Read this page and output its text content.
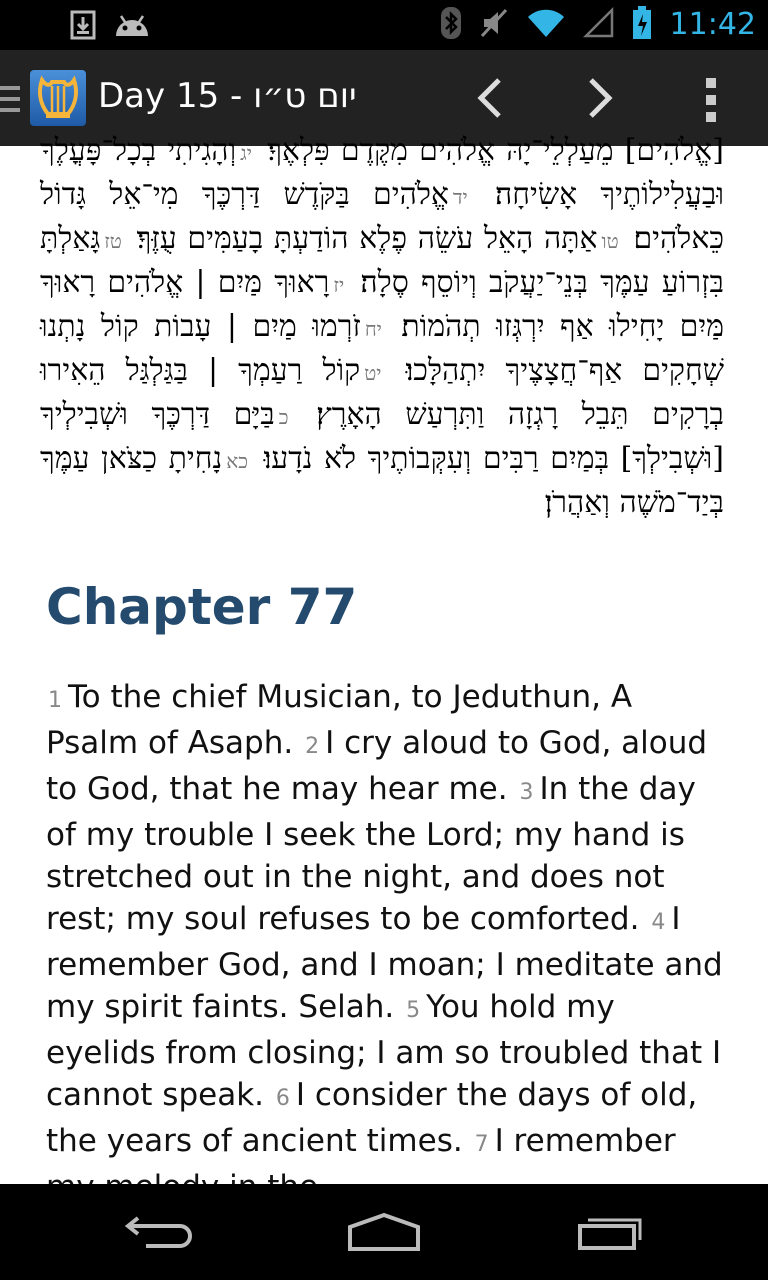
11:42
Day 15 - יום ט״ו
[אֱלֹהִים] מֵעַלְלֵי־יָהּ אֱלֹהִים מִקֶּדֶם פִּלְאֶךָ׃ יגוְהָגִיתִי בְכָל־פָּעֳלֶךָ וּבַעֲלִילוֹתֶיךָ אָשִׂיחָה׃ ידאֱלֹהִים בַּקֹּדֶשׁ דַּרְכֶּךָ מִי־אֵל גָּדוֹל כֵּאלֹהִים׃ טואַתָּה הָאֵל עֹשֵׂה פֶלֶא הוֹדַעְתָּ בָעַמִּים עֻזֶּךָ׃ טזגָּאַלְתָּ בִּזְרוֹעַ עַמֶּךָ בְּנֵי־יַעֲקֹב וְיוֹסֵף סֶלָה׃ יזרָאוּךָ מַּיִם | אֱלֹהִים רָאוּךָ מַּיִם יָחִילוּ אַף יִרְגְּזוּ תְהֹמוֹת׃ יחזֹרְמוּ מַיִם | עָבוֹת קוֹל נָתְנוּ שְׁחָקִים אַף־חֲצָצֶיךָ יִתְהַלָּכוּ׃ יטקוֹל רַעַמְךָ | בַּגַּלְגַּל הֵאִירוּ בְרָקִים תֵּבֵל רָגְזָה וַתִּרְעַשׁ הָאָרֶץ׃ כבַּיָּם דַּרְכֶּךָ וּשְׁבִילְיךָ [וּשְׁבִילְךָ] בְּמַיִם רַבִּים וְעִקְּבוֹתֶיךָ לֹא נֹדָעוּ׃ כאנָחִיתָ כַצֹּאן עַמֶּךָ בְּיַד־מֹשֶׁה וְאַהֲרֹן׃
Chapter 77

1 To the chief Musician, to Jeduthun, A Psalm of Asaph. 2 I cry aloud to God, aloud to God, that he may hear me. 3 In the day of my trouble I seek the Lord; my hand is stretched out in the night, and does not rest; my soul refuses to be comforted. 4 I remember God, and I moan; I meditate and my spirit faints. Selah. 5 You hold my eyelids from closing; I am so troubled that I cannot speak. 6 I consider the days of old, the years of ancient times. 7 I remember
